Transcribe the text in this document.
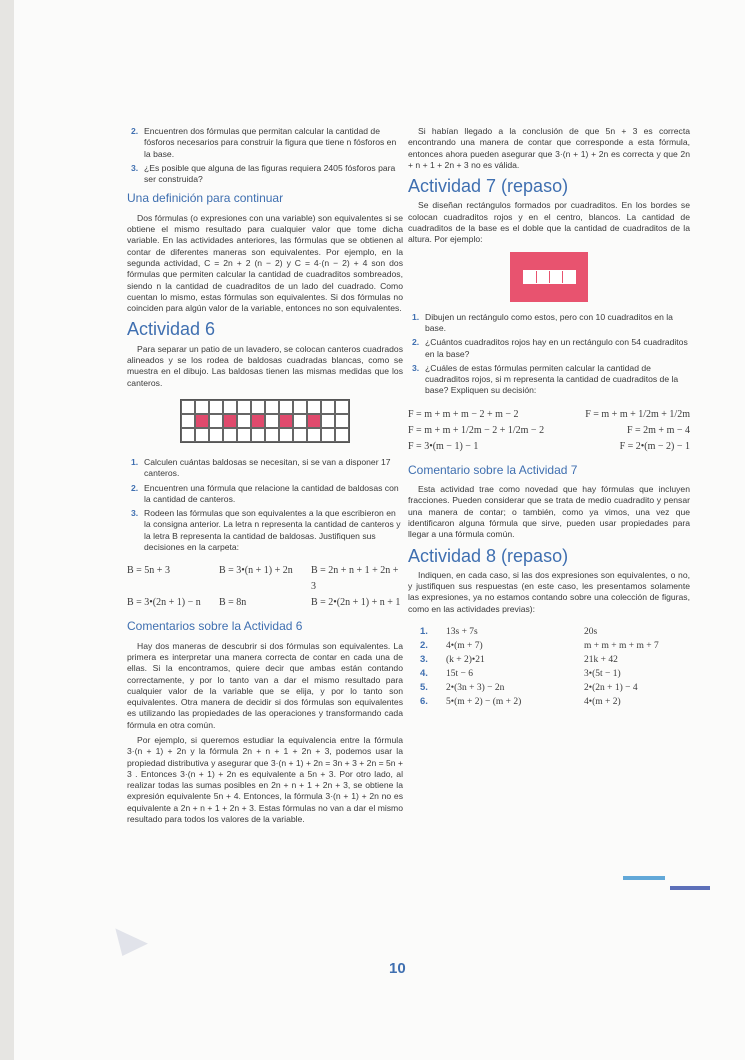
2. Encuentren dos fórmulas que permitan calcular la cantidad de fósforos necesarios para construir la figura que tiene n fósforos en la base.
3. ¿Es posible que alguna de las figuras requiera 2405 fósforos para ser construida?
Una definición para continuar

Dos fórmulas (o expresiones con una variable) son equivalentes si se obtiene el mismo resultado para cualquier valor que tome dicha variable. En las actividades anteriores, las fórmulas que se obtienen al contar de diferentes maneras son equivalentes. Por ejemplo, en la segunda actividad, C = 2n + 2 (n − 2) y C = 4·(n − 2) + 4 son dos fórmulas que permiten calcular la cantidad de cuadraditos sombreados, siendo n la cantidad de cuadraditos de un lado del cuadrado. Como cuentan lo mismo, estas fórmulas son equivalentes. Si dos fórmulas no coinciden para algún valor de la variable, entonces no son equivalentes.

Actividad 6

Para separar un patio de un lavadero, se colocan canteros cuadrados alineados y se los rodea de baldosas cuadradas blancas, como se muestra en el dibujo. Las baldosas tienen las mismas medidas que los canteros.

1. Calculen cuántas baldosas se necesitan, si se van a disponer 17 canteros.
2. Encuentren una fórmula que relacione la cantidad de baldosas con la cantidad de canteros.
3. Rodeen las fórmulas que son equivalentes a la que escribieron en la consigna anterior. La letra n representa la cantidad de canteros y la letra B representa la cantidad de baldosas. Justifiquen sus decisiones en la carpeta:
B = 5n + 3	B = 3•(n + 1) + 2n	B = 2n + n + 1 + 2n + 3
B = 3•(2n + 1) − n	B = 8n	B = 2•(2n + 1) + n + 1
Comentarios sobre la Actividad 6

Hay dos maneras de descubrir si dos fórmulas son equivalentes. La primera es interpretar una manera correcta de contar en cada una de ellas. Si la encontramos, quiere decir que ambas están contando correctamente, y por lo tanto van a dar el mismo resultado para cualquier valor de la variable que se elija, y por lo tanto son equivalentes. Otra manera de decidir si dos fórmulas son equivalentes es utilizando las propiedades de las operaciones y transformando cada fórmula en otra común.

Por ejemplo, si queremos estudiar la equivalencia entre la fórmula 3·(n + 1) + 2n y la fórmula 2n + n + 1 + 2n + 3, podemos usar la propiedad distributiva y asegurar que 3·(n + 1) + 2n = 3n + 3 + 2n = 5n + 3 . Entonces 3·(n + 1) + 2n es equivalente a 5n + 3. Por otro lado, al realizar todas las sumas posibles en 2n + n + 1 + 2n + 3, se obtiene la expresión equivalente 5n + 4. Entonces, la fórmula 3·(n + 1) + 2n no es equivalente a 2n + n + 1 + 2n + 3. Estas fórmulas no van a dar el mismo resultado para todos los valores de la variable.

Si habían llegado a la conclusión de que 5n + 3 es correcta encontrando una manera de contar que corresponde a esta fórmula, entonces ahora pueden asegurar que 3·(n + 1) + 2n es correcta y que 2n + n + 1 + 2n + 3 no es válida.

Actividad 7 (repaso)

Se diseñan rectángulos formados por cuadraditos. En los bordes se colocan cuadraditos rojos y en el centro, blancos. La cantidad de cuadraditos de la base es el doble que la cantidad de cuadraditos de la altura. Por ejemplo:

1. Dibujen un rectángulo como estos, pero con 10 cuadraditos en la base.
2. ¿Cuántos cuadraditos rojos hay en un rectángulo con 54 cuadraditos en la base?
3. ¿Cuáles de estas fórmulas permiten calcular la cantidad de cuadraditos rojos, si m representa la cantidad de cuadraditos de la base? Expliquen su decisión:
F = m + m + m − 2 + m − 2	F = m + m + 1/2m + 1/2m
F = m + m + 1/2m − 2 + 1/2m − 2	F = 2m + m − 4
F = 3•(m − 1) − 1	F = 2•(m − 2) − 1
Comentario sobre la Actividad 7

Esta actividad trae como novedad que hay fórmulas que incluyen fracciones. Pueden considerar que se trata de medio cuadradito y pensar una manera de contar; o también, como ya vimos, una vez que identificaron alguna fórmula que sirve, pueden usar propiedades para llegar a una fórmula común.

Actividad 8 (repaso)

Indiquen, en cada caso, si las dos expresiones son equivalentes, o no, y justifiquen sus respuestas (en este caso, les presentamos solamente las expresiones, ya no estamos contando sobre una colección de figuras, como en las actividades previas):

1.	13s + 7s	20s
2.	4•(m + 7)	m + m + m + m + 7
3.	(k + 2)•21	21k + 42
4.	15t − 6	3•(5t − 1)
5.	2•(3n + 3) − 2n	2•(2n + 1) − 4
6.	5•(m + 2) − (m + 2)	4•(m + 2)
10
